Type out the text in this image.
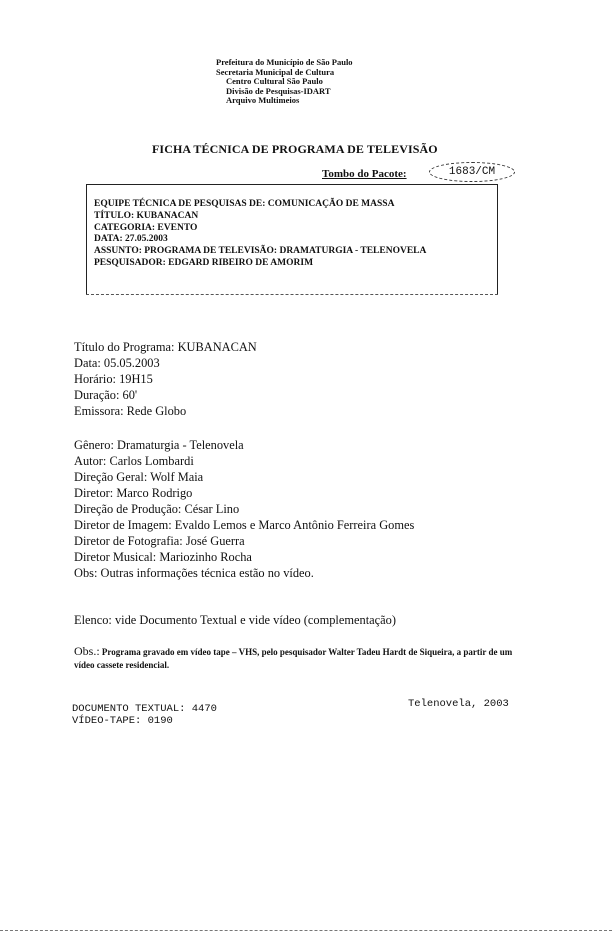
Prefeitura do Município de São Paulo
Secretaria Municipal de Cultura
Centro Cultural São Paulo
Divisão de Pesquisas-IDART
Arquivo Multimeios
FICHA TÉCNICA DE PROGRAMA DE TELEVISÃO
Tombo do Pacote:	1683/CM
EQUIPE TÉCNICA DE PESQUISAS DE: COMUNICAÇÃO DE MASSA
TÍTULO: KUBANACAN
CATEGORIA: EVENTO
DATA: 27.05.2003
ASSUNTO: PROGRAMA DE TELEVISÃO: DRAMATURGIA - TELENOVELA
PESQUISADOR: EDGARD RIBEIRO DE AMORIM
Título do Programa: KUBANACAN
Data: 05.05.2003
Horário: 19H15
Duração: 60'
Emissora: Rede Globo
Gênero: Dramaturgia - Telenovela
Autor: Carlos Lombardi
Direção Geral: Wolf Maia
Diretor: Marco Rodrigo
Direção de Produção: César Lino
Diretor de Imagem: Evaldo Lemos e Marco Antônio Ferreira Gomes
Diretor de Fotografia: José Guerra
Diretor Musical: Mariozinho Rocha
Obs: Outras informações técnica estão no vídeo.
Elenco: vide Documento Textual e vide vídeo (complementação)
Obs.: Programa gravado em vídeo tape – VHS, pelo pesquisador Walter Tadeu Hardt de Siqueira, a partir de um vídeo cassete residencial.
DOCUMENTO TEXTUAL: 4470
VÍDEO-TAPE: 0190
Telenovela, 2003
